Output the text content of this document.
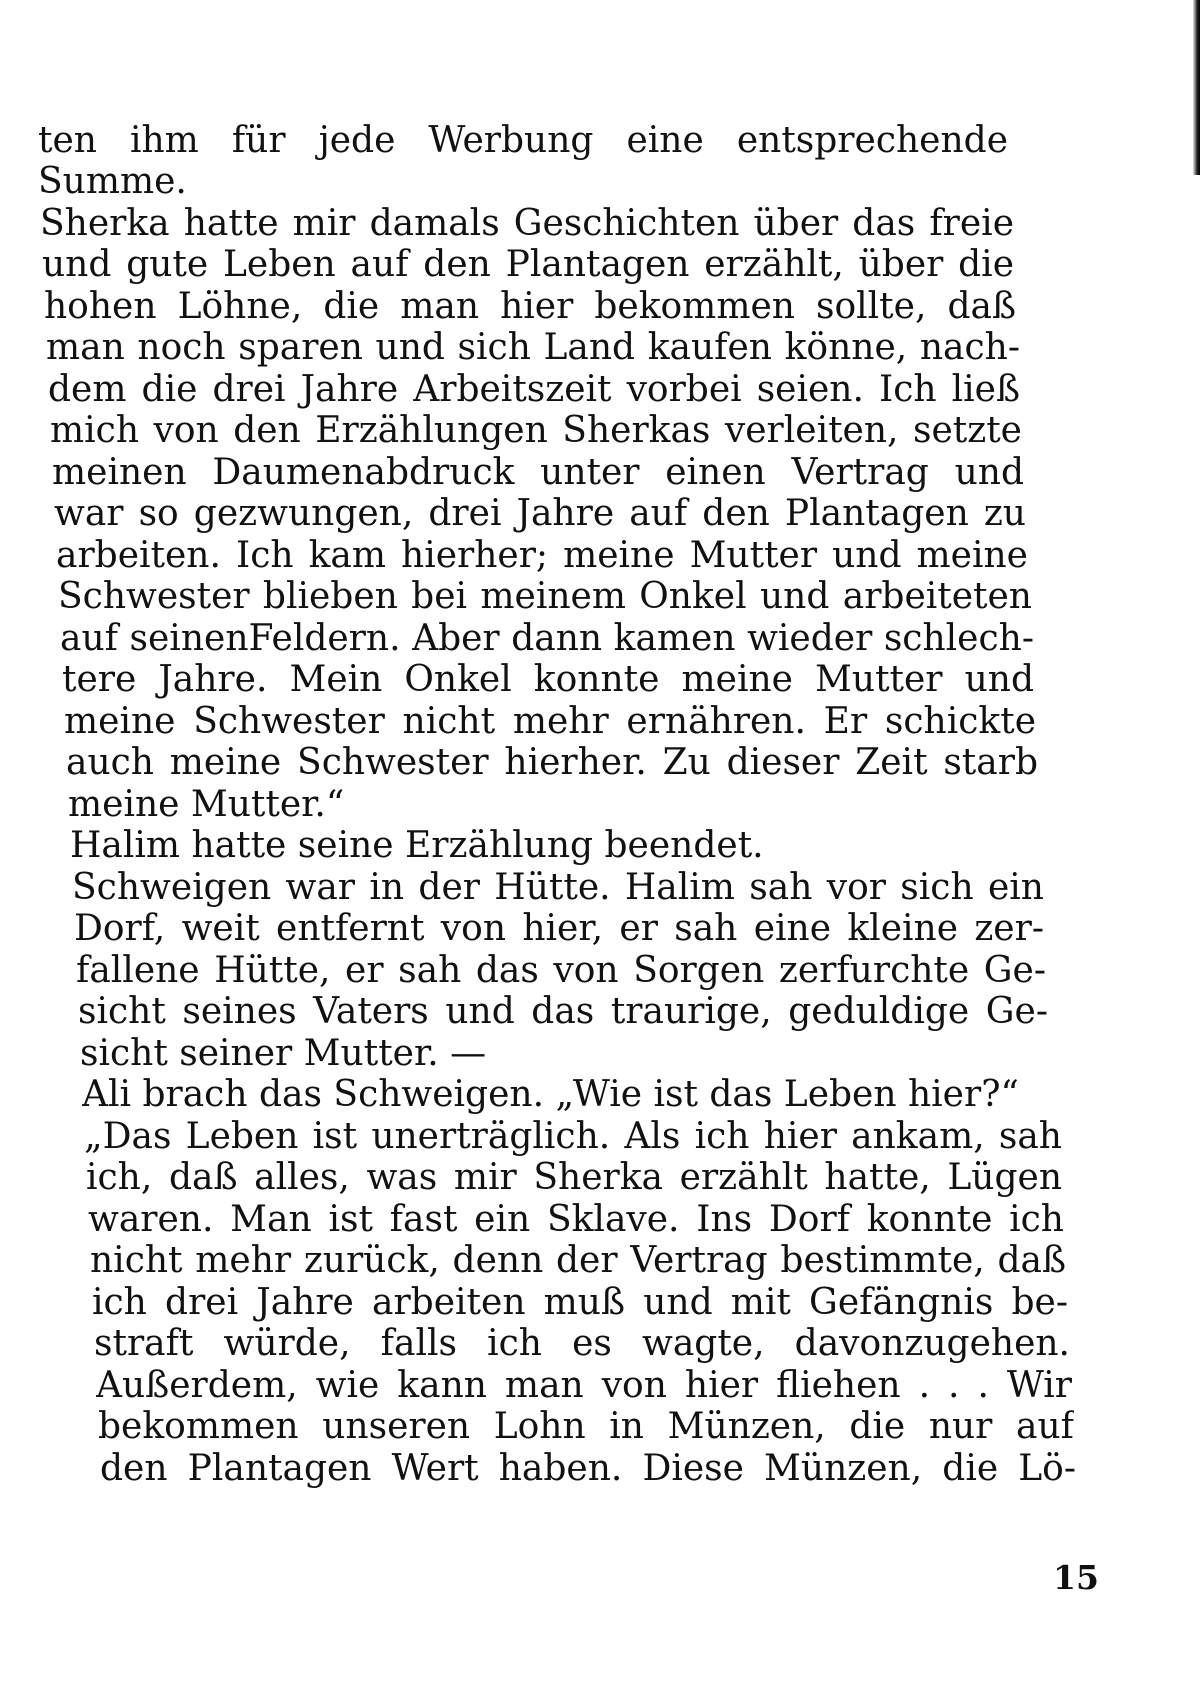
ten ihm für jede Werbung eine entsprechende
Summe.
Sherka hatte mir damals Geschichten über das freie
und gute Leben auf den Plantagen erzählt, über die
hohen Löhne, die man hier bekommen sollte, daß
man noch sparen und sich Land kaufen könne, nach-
dem die drei Jahre Arbeitszeit vorbei seien. Ich ließ
mich von den Erzählungen Sherkas verleiten, setzte
meinen Daumenabdruck unter einen Vertrag und
war so gezwungen, drei Jahre auf den Plantagen zu
arbeiten. Ich kam hierher; meine Mutter und meine
Schwester blieben bei meinem Onkel und arbeiteten
auf seinenFeldern. Aber dann kamen wieder schlech-
tere Jahre. Mein Onkel konnte meine Mutter und
meine Schwester nicht mehr ernähren. Er schickte
auch meine Schwester hierher. Zu dieser Zeit starb
meine Mutter.“
Halim hatte seine Erzählung beendet.
Schweigen war in der Hütte. Halim sah vor sich ein
Dorf, weit entfernt von hier, er sah eine kleine zer-
fallene Hütte, er sah das von Sorgen zerfurchte Ge-
sicht seines Vaters und das traurige, geduldige Ge-
sicht seiner Mutter. —
Ali brach das Schweigen. „Wie ist das Leben hier?“
„Das Leben ist unerträglich. Als ich hier ankam, sah
ich, daß alles, was mir Sherka erzählt hatte, Lügen
waren. Man ist fast ein Sklave. Ins Dorf konnte ich
nicht mehr zurück, denn der Vertrag bestimmte, daß
ich drei Jahre arbeiten muß und mit Gefängnis be-
straft würde, falls ich es wagte, davonzugehen.
Außerdem, wie kann man von hier fliehen . . . Wir
bekommen unseren Lohn in Münzen, die nur auf
den Plantagen Wert haben. Diese Münzen, die Lö-
15
